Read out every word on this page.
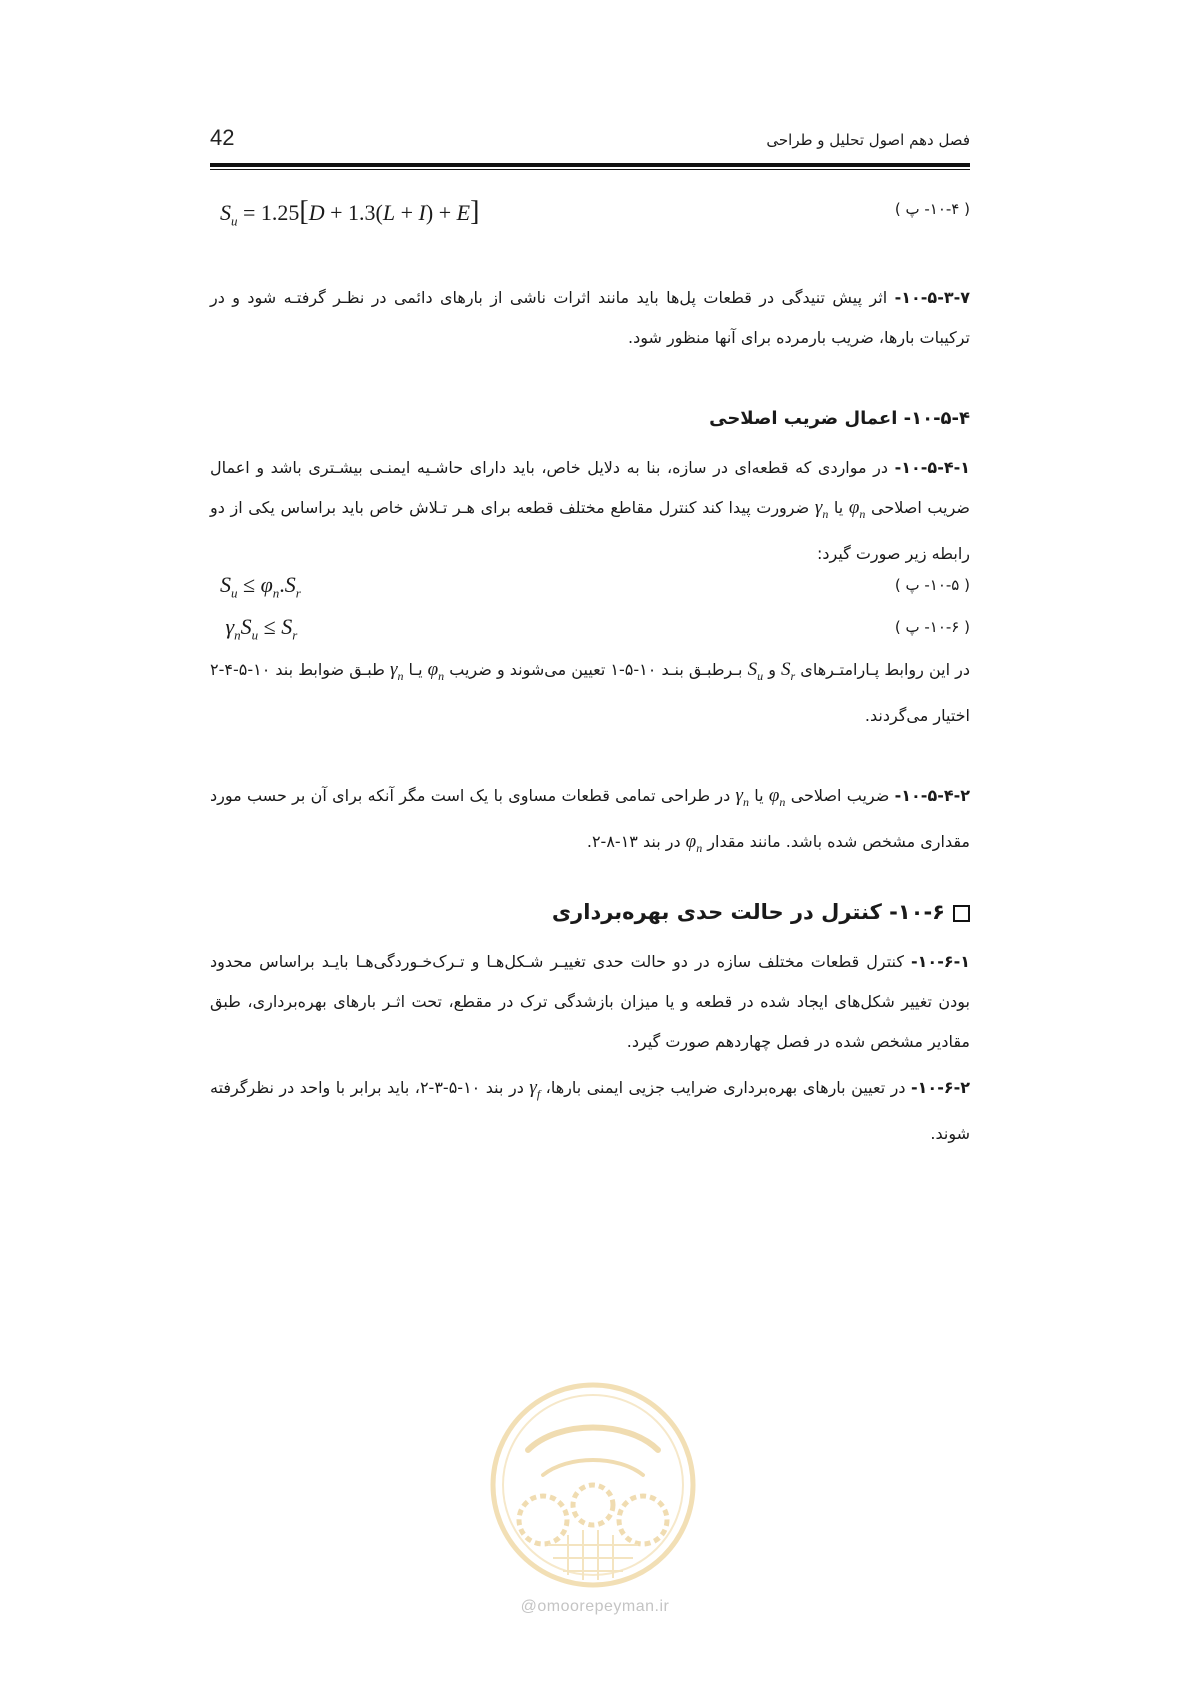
42	فصل دهم اصول تحلیل و طراحی
$S_u = 1.25[D + 1.3(L + I) + E]$	( ۱۰-۴- پ )
۱۰-۵-۳-۷- اثر پیش تنیدگی در قطعات پل‌ها باید مانند اثرات ناشی از بارهای دائمی در نظـر گرفتـه شود و در ترکیبات بارها، ضریب بارمرده برای آنها منظور شود.
۱۰-۵-۴- اعمال ضریب اصلاحی
۱۰-۵-۴-۱- در مواردی که قطعه‌ای در سازه، بنا به دلایل خاص، باید دارای حاشـیه ایمنـی بیشـتری باشد و اعمال ضریب اصلاحی $\varphi_n$ یا $\gamma_n$ ضرورت پیدا کند کنترل مقاطع مختلف قطعه برای هـر تـلاش خاص باید براساس یکی از دو رابطه زیر صورت گیرد:
$S_u \le \varphi_n.S_r$	( ۱۰-۵- پ )
$\gamma_nS_u \le S_r$	( ۱۰-۶- پ )
در این روابط پـارامتـرهای $S_r$ و $S_u$ بـرطبـق بنـد ۱۰-۵-۱ تعیین می‌شوند و ضریب $\varphi_n$ یـا $\gamma_n$ طبـق ضوابط بند ۱۰-۵-۴-۲ اختیار می‌گردند.
۱۰-۵-۴-۲- ضریب اصلاحی $\varphi_n$ یا $\gamma_n$ در طراحی تمامی قطعات مساوی با یک است مگر آنکه برای آن بر حسب مورد مقداری مشخص شده باشد. مانند مقدار $\varphi_n$ در بند ۱۳-۸-۲.
۱۰-۶- کنترل در حالت حدی بهره‌برداری
۱۰-۶-۱- کنترل قطعات مختلف سازه در دو حالت حدی تغییـر شـکل‌هـا و تـرک‌خـوردگی‌هـا بایـد براساس محدود بودن تغییر شکل‌های ایجاد شده در قطعه و یا میزان بازشدگی ترک در مقطع، تحت اثـر بارهای بهره‌برداری، طبق مقادیر مشخص شده در فصل چهاردهم صورت گیرد.
۱۰-۶-۲- در تعیین بارهای بهره‌برداری ضرایب جزیی ایمنی بارها، $\gamma_f$ در بند ۱۰-۵-۳-۲، باید برابر با واحد در نظرگرفته شوند.
@omoorepeyman.ir
